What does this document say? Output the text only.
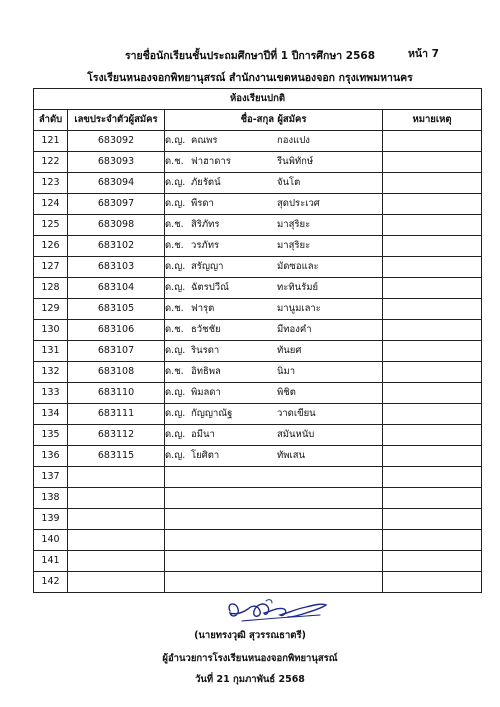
รายชื่อนักเรียนชั้นประถมศึกษาปีที่ 1 ปีการศึกษา 2568	หน้า 7
โรงเรียนหนองจอกพิทยานุสรณ์ สำนักงานเขตหนองจอก กรุงเทพมหานคร
ห้องเรียนปกติ			
ลำดับ	เลขประจำตัวผู้สมัคร	ชื่อ-สกุล ผู้สมัคร	หมายเหตุ
121	683092	ด.ญ. คณพร กองแปง	
122	683093	ด.ช. ฟาฮาดาร รีนพิทักษ์	
123	683094	ด.ญ. ภัยรัตน์ จันโต	
124	683097	ด.ญ. พีรดา สุดประเวศ	
125	683098	ด.ช. สิริภัทร มาสุริยะ	
126	683102	ด.ช. วรภัทร มาสุริยะ	
127	683103	ด.ญ. สรัญญา มัดซอและ	
128	683104	ด.ญ. ฉัตรปวีณ์ ทะทินรัมย์	
129	683105	ด.ช. ฟารุต มานูมเลาะ	
130	683106	ด.ช. ธวัชชัย มีทองคำ	
131	683107	ด.ญ. รินรดา ทันยศ	
132	683108	ด.ช. อิทธิพล นิมา	
133	683110	ด.ญ. พิมลดา พิชิต	
134	683111	ด.ญ. กัญญาณัฐ วาดเขียน	
135	683112	ด.ญ. อมีนา สมันหนับ	
136	683115	ด.ญ. โยศิตา ทัพเสน	
137			
138			
139			
140			
141			
142			
(นายทรงวุฒิ สุวรรณธาตรี)
ผู้อำนวยการโรงเรียนหนองจอกพิทยานุสรณ์
วันที่ 21 กุมภาพันธ์ 2568
